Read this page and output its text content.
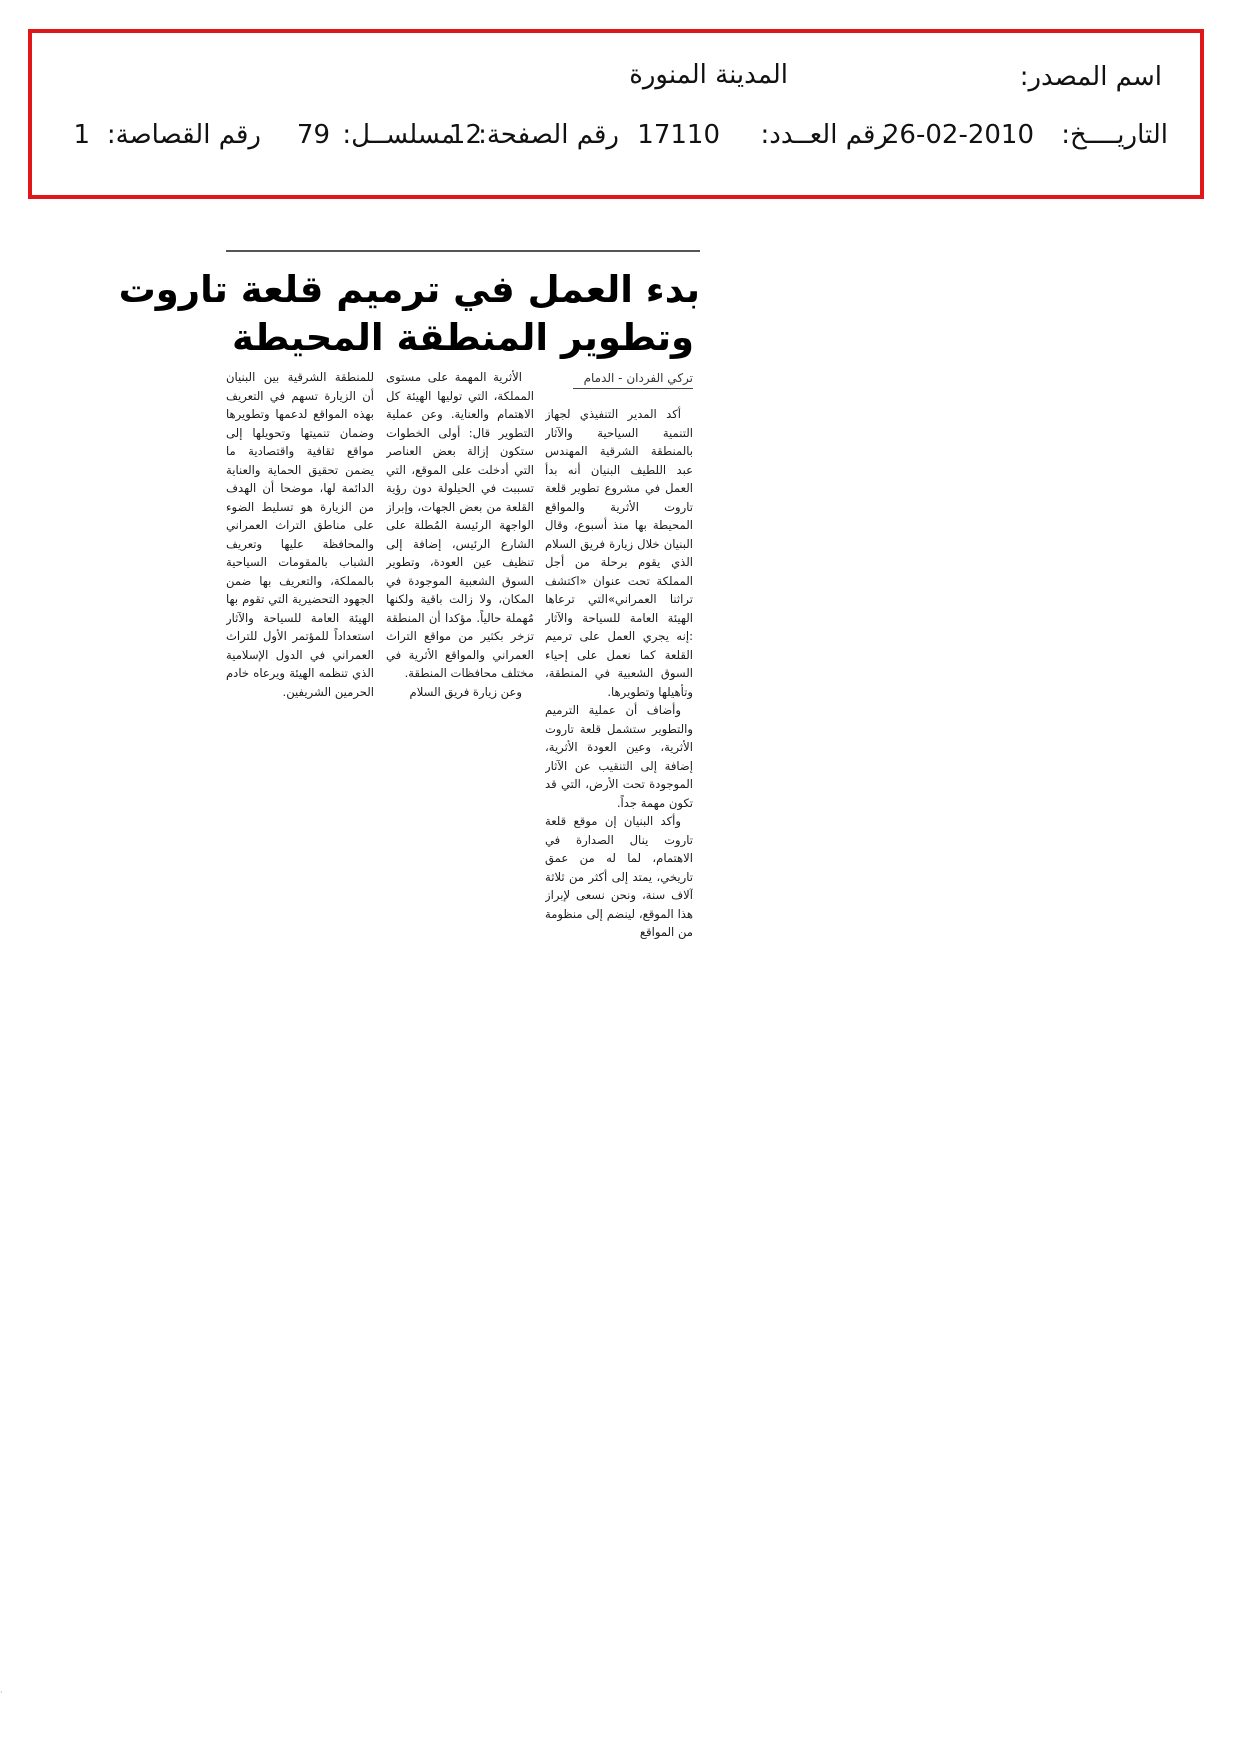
اسم المصدر:
المدينة المنورة
التاريــــخ:
26-02-2010
رقم العــدد:
17110
رقم الصفحة:
12
مسلســل:
79
رقم القصاصة:
1
بدء العمل في ترميم قلعة تاروت
وتطوير المنطقة المحيطة
تركي الفردان - الدمام

أكد المدير التنفيذي لجهاز التنمية السياحية والآثار بالمنطقة الشرقية المهندس عبد اللطيف البنيان أنه بدأ العمل في مشروع تطوير قلعة تاروت الأثرية والمواقع المحيطة بها منذ أسبوع، وقال البنيان خلال زيارة فريق السلام الذي يقوم برحلة من أجل المملكة تحت عنوان «اكتشف تراثنا العمراني»التي ترعاها الهيئة العامة للسياحة والآثار :إنه يجري العمل على ترميم القلعة كما نعمل على إحياء السوق الشعبية في المنطقة، وتأهيلها وتطويرها.

وأضاف أن عملية الترميم والتطوير ستشمل قلعة تاروت الأثرية، وعين العودة الأثرية، إضافة إلى التنقيب عن الآثار الموجودة تحت الأرض، التي قد تكون مهمة جداً.

وأكد البنيان إن موقع قلعة تاروت ينال الصدارة في الاهتمام، لما له من عمق تاريخي، يمتد إلى أكثر من ثلاثة آلاف سنة، ونحن نسعى لإبراز هذا الموقع، لينضم إلى منظومة من المواقع

الأثرية المهمة على مستوى المملكة، التي توليها الهيئة كل الاهتمام والعناية. وعن عملية التطوير قال: أولى الخطوات ستكون إزالة بعض العناصر التي أدخلت على الموقع، التي تسببت في الحيلولة دون رؤية القلعة من بعض الجهات، وإبراز الواجهة الرئيسة المُطلة على الشارع الرئيس، إضافة إلى تنظيف عين العودة، وتطوير السوق الشعبية الموجودة في المكان، ولا زالت باقية ولكنها مُهملة حالياً. مؤكدا أن المنطقة تزخر بكثير من مواقع التراث العمراني والمواقع الأثرية في مختلف محافظات المنطقة.

وعن زيارة فريق السلام

للمنطقة الشرقية بين البنيان أن الزيارة تسهم في التعريف بهذه المواقع لدعمها وتطويرها وضمان تنميتها وتحويلها إلى مواقع ثقافية واقتصادية ما يضمن تحقيق الحماية والعناية الدائمة لها، موضحا أن الهدف من الزيارة هو تسليط الضوء على مناطق التراث العمراني والمحافظة عليها وتعريف الشباب بالمقومات السياحية بالمملكة، والتعريف بها ضمن الجهود التحضيرية التي تقوم بها الهيئة العامة للسياحة والآثار استعداداً للمؤتمر الأول للتراث العمراني في الدول الإسلامية الذي تنظمه الهيئة ويرعاه خادم الحرمين الشريفين.

·
